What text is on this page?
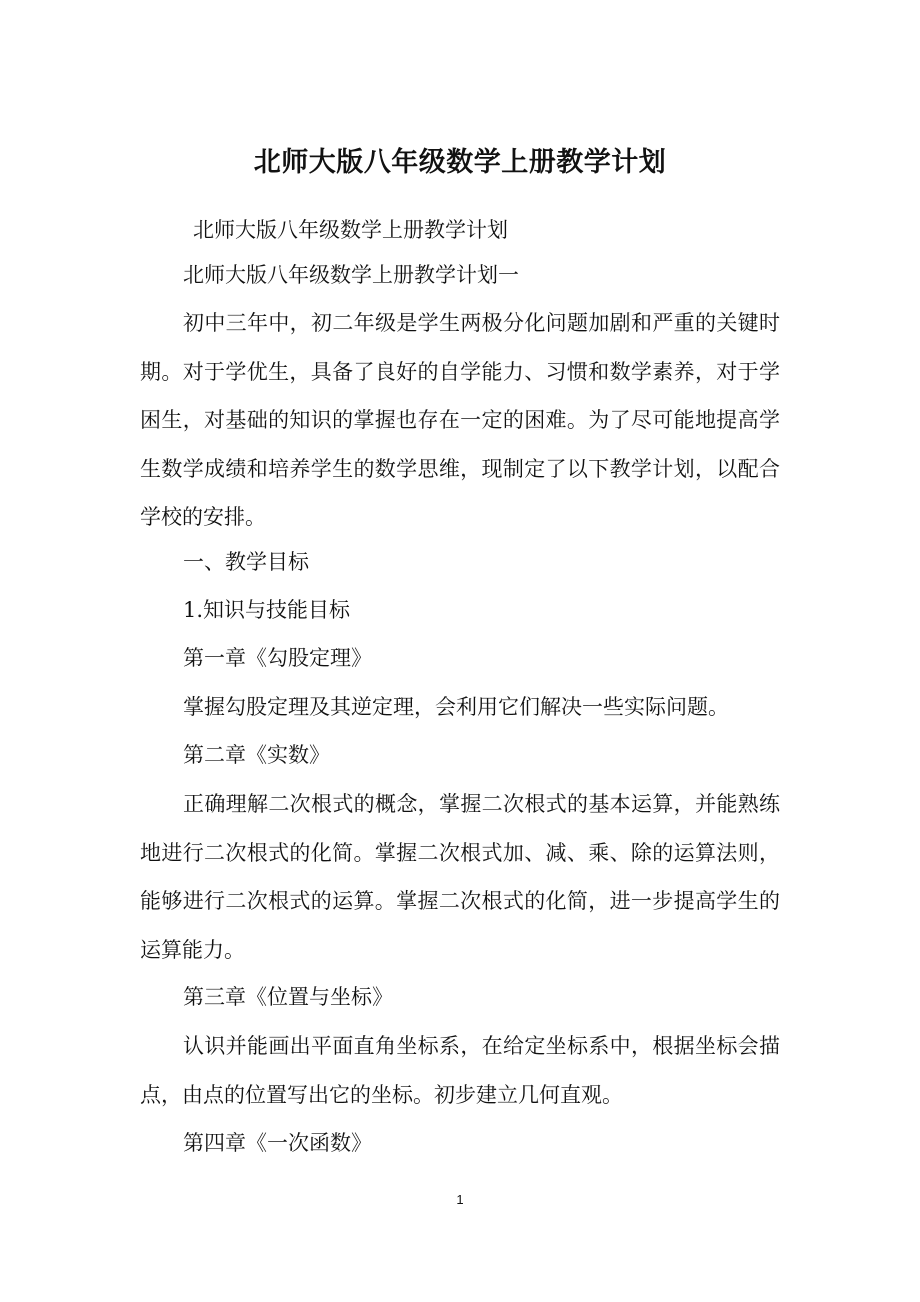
北师大版八年级数学上册教学计划

北师大版八年级数学上册教学计划

北师大版八年级数学上册教学计划一

初中三年中，初二年级是学生两极分化问题加剧和严重的关键时期。对于学优生，具备了良好的自学能力、习惯和数学素养，对于学困生，对基础的知识的掌握也存在一定的困难。为了尽可能地提高学生数学成绩和培养学生的数学思维，现制定了以下教学计划，以配合学校的安排。

一、教学目标

1.知识与技能目标

第一章《勾股定理》

掌握勾股定理及其逆定理，会利用它们解决一些实际问题。

第二章《实数》

正确理解二次根式的概念，掌握二次根式的基本运算，并能熟练地进行二次根式的化简。掌握二次根式加、减、乘、除的运算法则，能够进行二次根式的运算。掌握二次根式的化简，进一步提高学生的运算能力。

第三章《位置与坐标》

认识并能画出平面直角坐标系，在给定坐标系中，根据坐标会描点，由点的位置写出它的坐标。初步建立几何直观。

第四章《一次函数》

1
